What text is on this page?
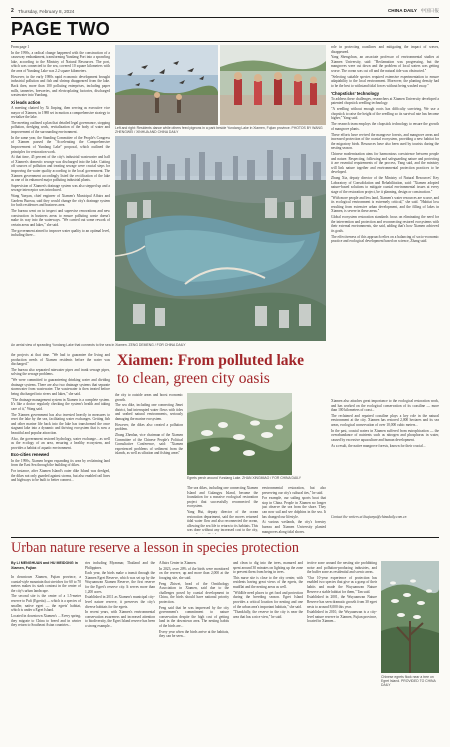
2 Thursday, February 8, 2024	CHINA DAILY 中国日报
PAGE TWO

From page 1

In the 1990s, a radical change happened with the construction of a causeway embankment, transforming Yundang Port into a sprawling lake, according to the Ministry of Natural Resources. The port, which was connected to the sea, covered 10 square kilometers with the area of Yundang Lake was 2.2 square kilometers.

However, in the early 1980s rapid economic development brought industrial pollution and fish and shrimp disappeared from the lake. Back then, more than 100 polluting enterprises, including paper mills, tanneries, breweries, and electroplating factories, discharged wastewater into Yundang.

Xi leads action

A meeting chaired by Xi Jinping, then serving as executive vice mayor of Xiamen, in 1988 set in motion a comprehensive strategy to revitalize the lake.

The meeting outlined a plan that detailed legal governance, stopping pollution, dredging work, revitalization of the body of water and improvement of the surrounding environment.

In the same year, the Standing Committee of the People's Congress of Xiamen passed the "Accelerating the Comprehensive Improvement of Yundang Lake" proposal, which outlined the principles for restoration work.

At that time, 45 percent of the city's industrial wastewater and half of Xiamen's domestic sewage was discharged into the lake. Cutting off sources of pollution and treating sewage were crucial steps for improving the water quality according to the local government. The Xiamen government accordingly listed the rectification of the lake as one of its enhanced major polluting industrial plants.

Supervision of Xiamen's drainage system was also stepped up and a sewage interceptor was introduced.

Wang Yanyan, chief engineer of Xiamen's Municipal Affairs and Gardens Bureau, said they would change the city's drainage system for both residences and business area.

The bureau went on to inspect and supervise renovations and new construction in business areas to ensure polluting waste doesn't make its way into the waterways. "We carried out some rework of certain areas and lakes," she said.

The government aimed to improve water quality to an optimal level, including three...

Left and right: Residents dance while others feed pigeons in a park beside Yundang Lake in Xiamen, Fujian province. PHOTOS BY WANG ZHENGWEI / XINHUA AND CHINA DAILY

role in protecting coastlines and mitigating the impact of waves, disappeared.

Yang Shengchun, an associate professor of environmental studies at Xiamen University, said: "Reclamation was progressing, but the mangroves were cut down and the problem of local waters was getting worse. The ocean was cut off and the natural tide was obstructed."

"Selecting suitable species required extensive experimentation to ensure adaptability to the local environment. Moreover, the planting density had to be the best to withstand tidal forces without being washed away."

'Chopsticks' technology

To address these challenges, researchers at Xiamen University developed a patented chopstick seedling technology.

"A seedling without enough roots has difficulty surviving. We use a chopstick to raise the height of the seedling so its survival rate has become higher," Yang said.

The research team employs the chopstick technology to ensure the growth of mangrove plants.

These efforts have revived the mangrove forests, and mangrove areas and increased protection of the coastal ecosystem, providing a new habitat for the migratory birds. Resources have also been used by tourists during the nesting season.

Chinese modernization aims for harmonious coexistence between people and nature. Respecting, following and safeguarding nature and protecting it are essential requirements of the process, Yang said, and the ministry will link nature together and environmental protection practices to be developed.

Zhang Xia, deputy director of the Ministry of Natural Resources' Key Laboratory of Consolidation and Rehabilitation, said: "Xiamen adopted nature-based solutions to mitigate coastal environmental issues at every stage of the restoration project, be it planning, design or construction."

"With more people and less land, Xiamen's water resources are scarce, and its ecological environment is extremely critical," she said. "Habitat loss resulting from extensive urban development, and the filling of lakes in Xiamen, is severe in these areas."

Global ecosystem restoration standards focus on eliminating the need for the intervention and protection and reconnecting restored ecosystems with their external environments, she said, adding that's how Xiamen achieved its goals.

The effectiveness of this approach relies on a balancing of socio-economic practice and ecological development based on science, Zhang said.

An aerial view of sprawling Yundang Lake that connects to the sea in Xiamen. ZENG DEMENG / FOR CHINA DAILY
Xiamen: From polluted lake
to clean, green city oasis

the projects at that time. "We had to guarantee the living and production needs of Xiamen residents before the water was discharged."

The bureau also separated rainwater pipes and trunk sewage pipes, solving the sewage problems.

"We were committed to guaranteeing drinking water and dividing drainage systems. There are also two drainage systems that separate stormwater from wastewater. The wastewater is then treated before being discharged into rivers and lakes," she said.

"The drainage management system in Xiamen is a complete system. It's like a doctor regularly checking the system's health and taking care of it," Wang said.

The Xiamen government has also invested heavily in measures to reset the lake by the sea, facilitating water exchanges. Getting fish and other marine life back into the lake has transformed the once stagnant lake into a dynamic and thriving ecosystem that is now a beautiful and popular attraction.

Also, the government restored hydrology, water exchange... as well as the ecology of an area, ensuring a healthy ecosystem, and provides a habitat of aquatic environment.

Eco-cities renewed

In the 1990s, Xiamen began expanding its area by reclaiming land from the East Sea through the building of dikes.

For instance, after Xiamen Island's outer dike Island was dredged, the dikes not only guarded against storms, but also enabled rail lines and highways to be built to better connect...

the city to outside areas and boost economic growth.

The sea dike, including one connecting Jimei district, had interrupted water flows with tides and seabed natural environments, seriously damaging the marine ecosystem.

However, the dikes also created a pollution problem.

Zhang Zhenlan, vice chairman of the Xiamen Committee of the Chinese People's Political Consultative Conference, said: "Xiamen experienced problems of sediment from the islands, as well as siltation and fishing areas"

Egrets perch around Yundang Lake. ZHAN XINGMIAO / FOR CHINA DAILY

environmental restoration, but also preserving our city's cultural ties," he said.

For example, our sailing sports boat that stop in China. People in Xiamen no longer just observe the sea from the shore. They can now sail and see dolphins in the sea. It has changed our lifestyle.

At various wetlands, the city's forestry bureau and Xiamen University planted mangroves along tidal shores.

The sea dikes, including one connecting Xiamen Island and Gulangyu Island, became the foundation for a massive ecological restoration project that successfully reconnected the ecosystem.

Yang Hui, deputy director of the ocean restoration department, said the moves returned tidal water flow and also reconnected the ocean, allowing the sea life to return to its habitats. This was done without any increased cost to the city,

Xiamen also attaches great importance to the ecological restoration work, and has worked on the ecological conservation of its coastline — more than 100 kilometers of coast...

The reclaimed and repaired coastline plays a key role in the natural environment at the city. Xiamen has restored 2,000 hectares and its sea areas, ecological conservation of over 10,000 cubic meters...

In the past, coastal waters in Xiamen suffered from eutrophication — the overabundance of nutrients such as nitrogen and phosphorus in water, caused by excessive aquaculture and human development.

As a result, the native mangrove forests, known for their crucial...

Contact the writers at liuqianyu@chinadaily.com.cn
Urban nature reserve a lesson in species protection
By LI MENGHUAN and HU MEIDONG in Xiamen, Fujian

In downtown Xiamen, Fujian province, a coastal-style mountain that stretches for 60 to 70 meters makes its stark contrast in the center of the city's urban landscape.

The second site is the center of a 1.5-meter reserve to Pufi (Egretta) — which is a species of smaller, native egret — the egrets' habitat, which is under a Egret Island.

Located in downtown Xiamen's ... Every spring, they migrate to China to breed and in winter they return to Southeast Asian countries...

ries including Myanmar, Thailand and the Philippines.

Each year, the birds make a transit through the Xiamen Egret Reserve, which was set up by the Wuyuanwan Xiamen Reserve, the first reserve for the Egret's reserve city. It serves more than 1,200 acres.

Established in 2011 as Xiamen's municipal city-level nature reserve, it preserves the city's diverse habitats for the egrets.

In recent years, with Xiamen's environmental conservation awareness and increased attention to biodiversity, the Egret Island reserve has been a strong example...

Affairs Center in Xiamen.

In 2023, over 20% of the birds were monitored on the reserve, up and more than 2,000 at the foraging site, she said.

Feng Zhiwei, head of the Ornithology Association in Xiamen, said due to the challenges posed by coastal development in China, the birds should have national priority protection.

Feng said that he was impressed by the city government's commitment to nature conservation despite the high cost of getting land in the downtown area. The nesting habits of the birds are...

Every year when the birds arrive at the habitats, they can be seen...

and clean to dig into the trees, manured and spent around 30 minutes on lighting up the zone to prevent them from being in trees.

This nurse site is close to the city center, with residents having great views of the egrets, the mudflat and the nesting areas as well.

"Wildlife need places to get food and protection during the breeding season. Egret Island provides a critical location for nesting and one of the urban area's important habitats," she said.

"Thankfully, the reserve in the city is near the area that has a nice view," he said.

tective zone around the nesting site prohibiting noise and pollution-producing industries, and the buffer zone as residential and scenic areas.

"Our 10-year experience of protection has enabled two species that give us a grasp of their habits and made the Wuyuanwan Nature Reserve a stable habitat for them," Tan said.

Established in 2001, the Wuyuanwan Nature Reserve has seen dramatic growth from 30 egret nests to around 8,000 this year.

Established in 2010, the Wuyuanwan is a city-level nature reserve in Xiamen, Fujian province, located in Xiamen...

Chinese egrets flock near a tree on Egret Island. PROVIDED TO CHINA DAILY
